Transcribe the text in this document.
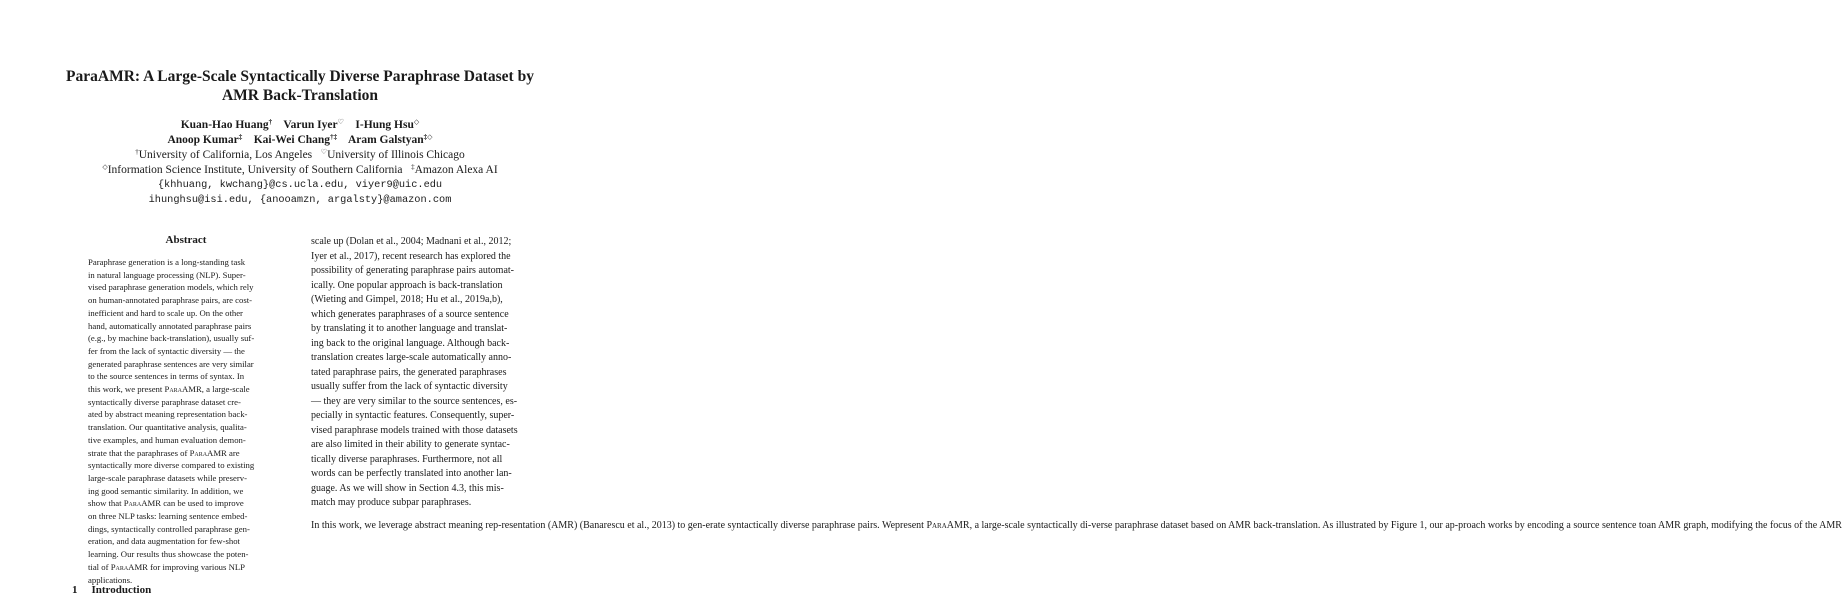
ParaAMR: A Large-Scale Syntactically Diverse Paraphrase Dataset by
AMR Back-Translation
Kuan-Hao Huang† Varun Iyer♡ I-Hung Hsu◇
Anoop Kumar‡ Kai-Wei Chang†‡ Aram Galstyan‡◇
†University of California, Los Angeles ♡University of Illinois Chicago
◇Information Science Institute, University of Southern California ‡Amazon Alexa AI
{khhuang, kwchang}@cs.ucla.edu, viyer9@uic.edu
ihunghsu@isi.edu, {anooamzn, argalsty}@amazon.com
Abstract
Paraphrase generation is a long-standing task
in natural language processing (NLP). Super-
vised paraphrase generation models, which rely
on human-annotated paraphrase pairs, are cost-
inefficient and hard to scale up. On the other
hand, automatically annotated paraphrase pairs
(e.g., by machine back-translation), usually suf-
fer from the lack of syntactic diversity — the
generated paraphrase sentences are very similar
to the source sentences in terms of syntax. In
this work, we present ParaAMR, a large-scale
syntactically diverse paraphrase dataset cre-
ated by abstract meaning representation back-
translation. Our quantitative analysis, qualita-
tive examples, and human evaluation demon-
strate that the paraphrases of ParaAMR are
syntactically more diverse compared to existing
large-scale paraphrase datasets while preserv-
ing good semantic similarity. In addition, we
show that ParaAMR can be used to improve
on three NLP tasks: learning sentence embed-
dings, syntactically controlled paraphrase gen-
eration, and data augmentation for few-shot
learning. Our results thus showcase the poten-
tial of ParaAMR for improving various NLP
applications.
1 Introduction
scale up (Dolan et al., 2004; Madnani et al., 2012;
Iyer et al., 2017), recent research has explored the
possibility of generating paraphrase pairs automat-
ically. One popular approach is back-translation
(Wieting and Gimpel, 2018; Hu et al., 2019a,b),
which generates paraphrases of a source sentence
by translating it to another language and translat-
ing back to the original language. Although back-
translation creates large-scale automatically anno-
tated paraphrase pairs, the generated paraphrases
usually suffer from the lack of syntactic diversity
— they are very similar to the source sentences, es-
pecially in syntactic features. Consequently, super-
vised paraphrase models trained with those datasets
are also limited in their ability to generate syntac-
tically diverse paraphrases. Furthermore, not all
words can be perfectly translated into another lan-
guage. As we will show in Section 4.3, this mis-
match may produce subpar paraphrases.
In this work, we leverage abstract meaning rep-resentation (AMR) (Banarescu et al., 2013) to gen-erate syntactically diverse paraphrase pairs. Wepresent ParaAMR, a large-scale syntactically di-verse paraphrase dataset based on AMR back-translation. As illustrated by Figure 1, our ap-proach works by encoding a source sentence toan AMR graph, modifying the focus of the AMR
